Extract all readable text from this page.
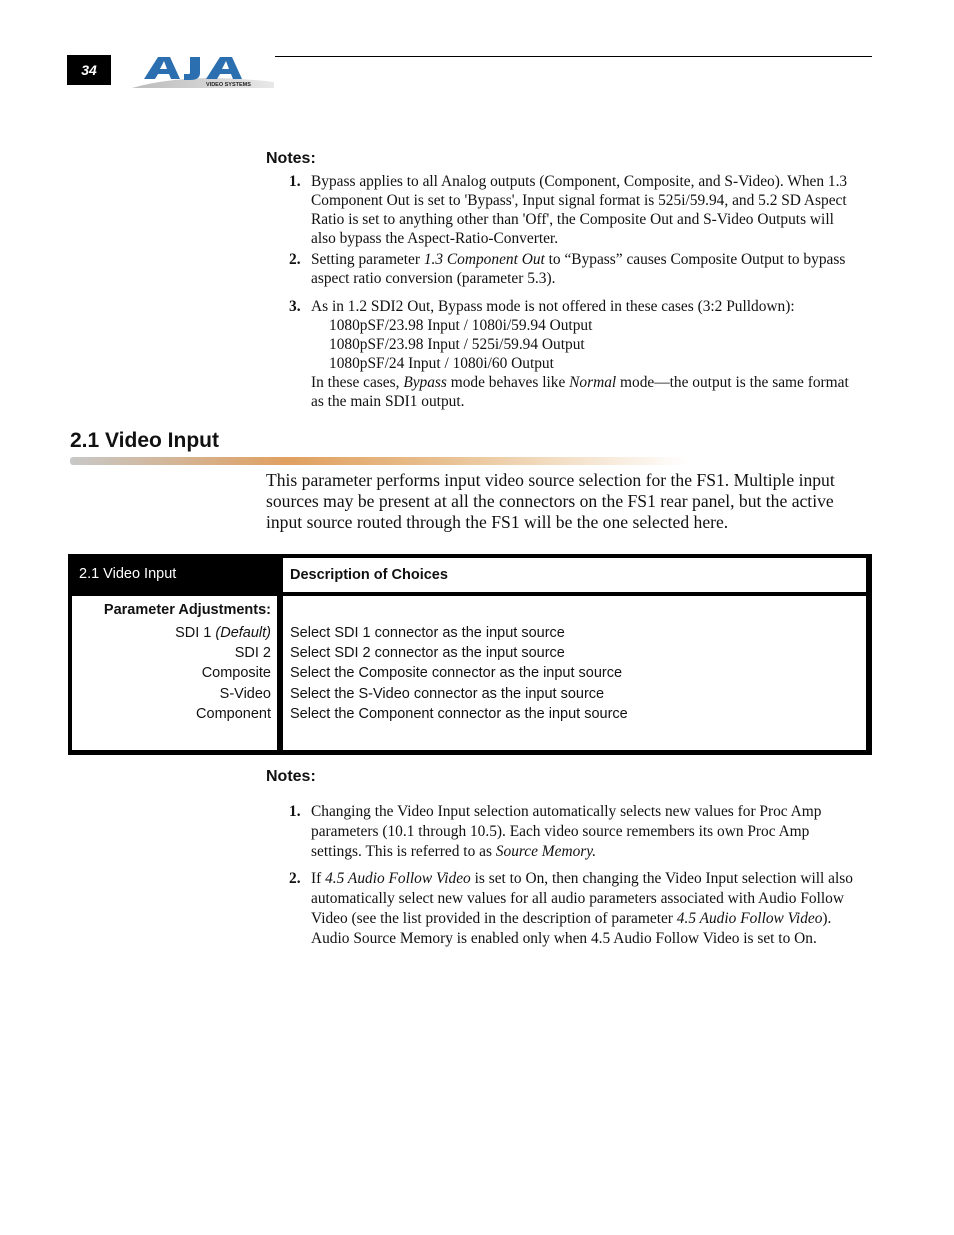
34
VIDEO SYSTEMS
Notes:
1. Bypass applies to all Analog outputs (Component, Composite, and S-Video). When 1.3 Component Out is set to 'Bypass', Input signal format is 525i/59.94, and 5.2 SD Aspect Ratio is set to anything other than 'Off', the Composite Out and S-Video Outputs will also bypass the Aspect-Ratio-Converter.
2. Setting parameter 1.3 Component Out to “Bypass” causes Composite Output to bypass aspect ratio conversion (parameter 5.3).
3. As in 1.2 SDI2 Out, Bypass mode is not offered in these cases (3:2 Pulldown):
1080pSF/23.98 Input / 1080i/59.94 Output
1080pSF/23.98 Input / 525i/59.94 Output
1080pSF/24 Input / 1080i/60 Output
In these cases, Bypass mode behaves like Normal mode—the output is the same format as the main SDI1 output.
2.1 Video Input
This parameter performs input video source selection for the FS1. Multiple input sources may be present at all the connectors on the FS1 rear panel, but the active input source routed through the FS1 will be the one selected here.
2.1 Video Input	Description of Choices
Parameter Adjustments:
SDI 1 (Default)
SDI 2
Composite
S-Video
Component
Select SDI 1 connector as the input source
Select SDI 2 connector as the input source
Select the Composite connector as the input source
Select the S-Video connector as the input source
Select the Component connector as the input source
Notes:
1. Changing the Video Input selection automatically selects new values for Proc Amp parameters (10.1 through 10.5). Each video source remembers its own Proc Amp settings. This is referred to as Source Memory.
2. If 4.5 Audio Follow Video is set to On, then changing the Video Input selection will also automatically select new values for all audio parameters associated with Audio Follow Video (see the list provided in the description of parameter 4.5 Audio Follow Video). Audio Source Memory is enabled only when 4.5 Audio Follow Video is set to On.
